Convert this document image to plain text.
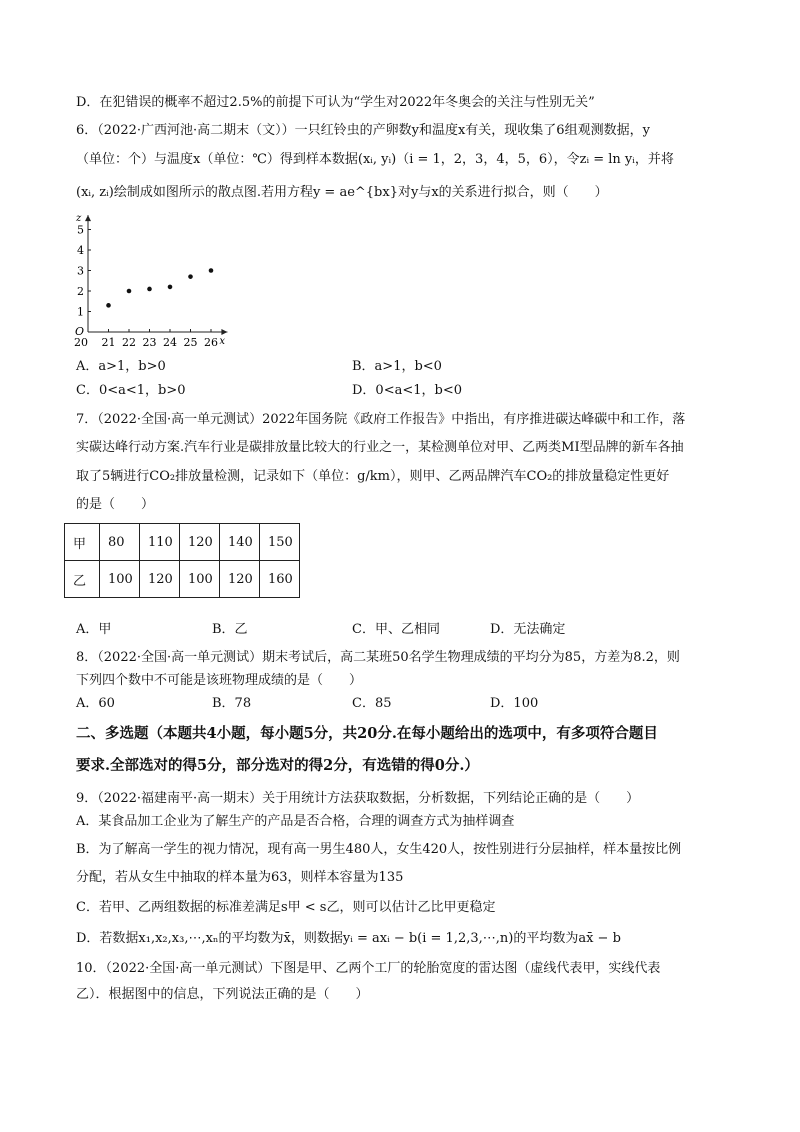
D．在犯错误的概率不超过2.5%的前提下可认为“学生对2022年冬奥会的关注与性别无关”
6．（2022·广西河池·高二期末（文））一只红铃虫的产卵数y和温度x有关，现收集了6组观测数据，y
（单位：个）与温度x（单位：℃）得到样本数据(xᵢ, yᵢ)（i = 1，2，3，4，5，6），令zᵢ = ln yᵢ，并将
(xᵢ, zᵢ)绘制成如图所示的散点图.若用方程y = ae^{bx}对y与x的关系进行拟合，则（　　）
x
z
O
1
2
3
4
5
20 21 22 23 24 25 26
A．a>1，b>0	B．a>1，b<0
C．0<a<1，b>0	D．0<a<1，b<0
7．（2022·全国·高一单元测试）2022年国务院《政府工作报告》中指出，有序推进碳达峰碳中和工作，落
实碳达峰行动方案.汽车行业是碳排放量比较大的行业之一，某检测单位对甲、乙两类MI型品牌的新车各抽
取了5辆进行CO₂排放量检测，记录如下（单位：g/km），则甲、乙两品牌汽车CO₂的排放量稳定性更好
的是（　　）
甲	80	110	120	140	150
乙	100	120	100	120	160
A．甲	B．乙	C．甲、乙相同	D．无法确定
8．（2022·全国·高一单元测试）期末考试后，高二某班50名学生物理成绩的平均分为85，方差为8.2，则
下列四个数中不可能是该班物理成绩的是（　　）
A．60	B．78	C．85	D．100
二、多选题（本题共4小题，每小题5分，共20分.在每小题给出的选项中，有多项符合题目
要求.全部选对的得5分，部分选对的得2分，有选错的得0分.）
9．（2022·福建南平·高一期末）关于用统计方法获取数据，分析数据，下列结论正确的是（　　）
A．某食品加工企业为了解生产的产品是否合格，合理的调查方式为抽样调查
B．为了解高一学生的视力情况，现有高一男生480人，女生420人，按性别进行分层抽样，样本量按比例
分配，若从女生中抽取的样本量为63，则样本容量为135
C．若甲、乙两组数据的标准差满足s甲 < s乙，则可以估计乙比甲更稳定
D．若数据x₁,x₂,x₃,⋯,xₙ的平均数为x̄，则数据yᵢ = axᵢ − b(i = 1,2,3,⋯,n)的平均数为ax̄ − b
10．（2022·全国·高一单元测试）下图是甲、乙两个工厂的轮胎宽度的雷达图（虚线代表甲，实线代表
乙）．根据图中的信息，下列说法正确的是（　　）
